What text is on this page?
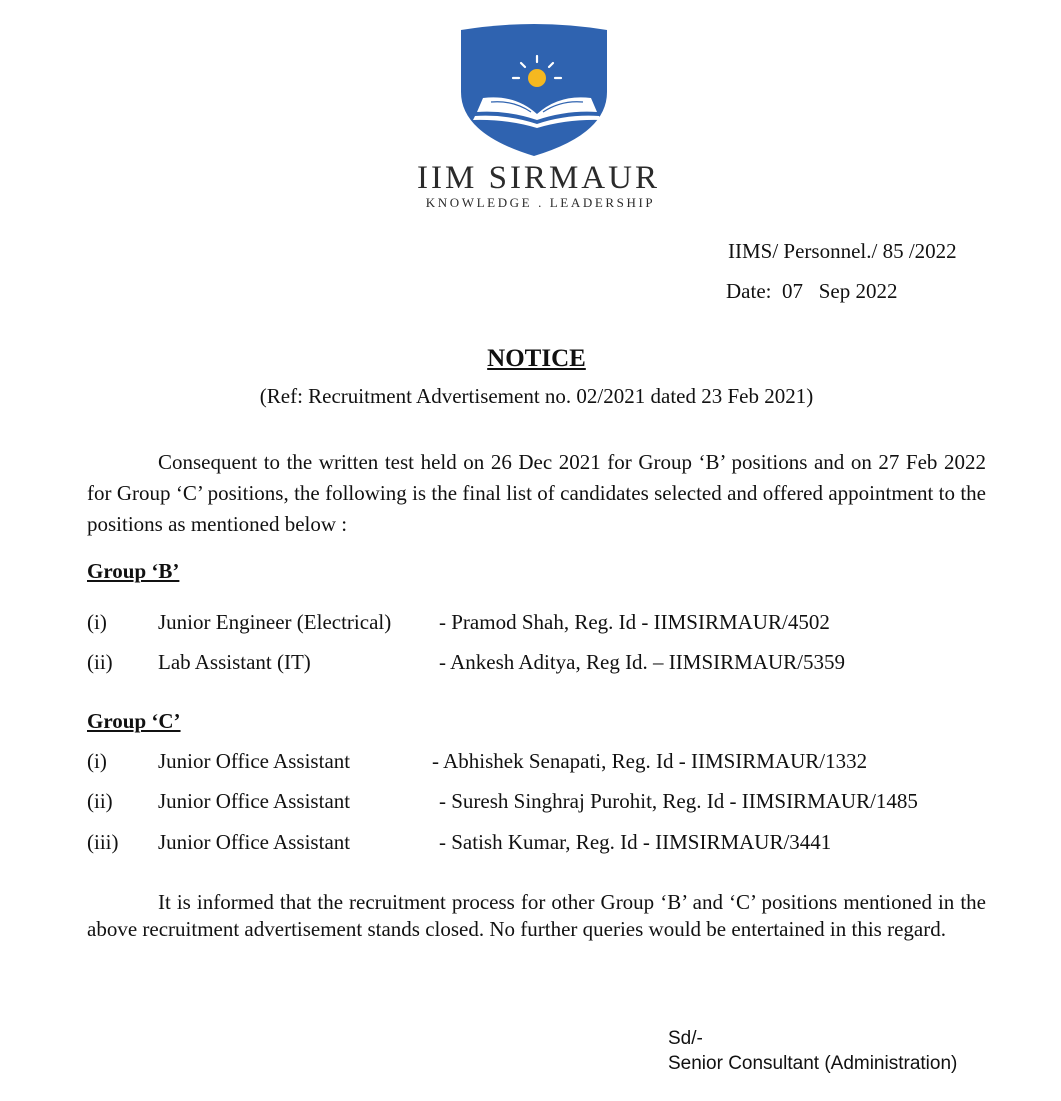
IIM SIRMAUR
KNOWLEDGE . LEADERSHIP
IIMS/ Personnel./ 85 /2022
Date:  07   Sep 2022
NOTICE
(Ref: Recruitment Advertisement no. 02/2021 dated 23 Feb 2021)
Consequent to the written test held on 26 Dec 2021 for Group ‘B’ positions and on 27 Feb 2022 for Group ‘C’ positions, the following is the final list of candidates selected and offered appointment to the positions as mentioned below :
Group ‘B’
(i) Junior Engineer (Electrical) - Pramod Shah, Reg. Id - IIMSIRMAUR/4502
(ii) Lab Assistant (IT)	- Ankesh Aditya, Reg Id. – IIMSIRMAUR/5359
Group ‘C’
(i) Junior Office Assistant	- Abhishek Senapati, Reg. Id - IIMSIRMAUR/1332
(ii) Junior Office Assistant	- Suresh Singhraj Purohit, Reg. Id - IIMSIRMAUR/1485
(iii) Junior Office Assistant	- Satish Kumar, Reg. Id - IIMSIRMAUR/3441
It is informed that the recruitment process for other Group ‘B’ and ‘C’ positions mentioned in the above recruitment advertisement stands closed. No further queries would be entertained in this regard.
Sd/-
Senior Consultant (Administration)
